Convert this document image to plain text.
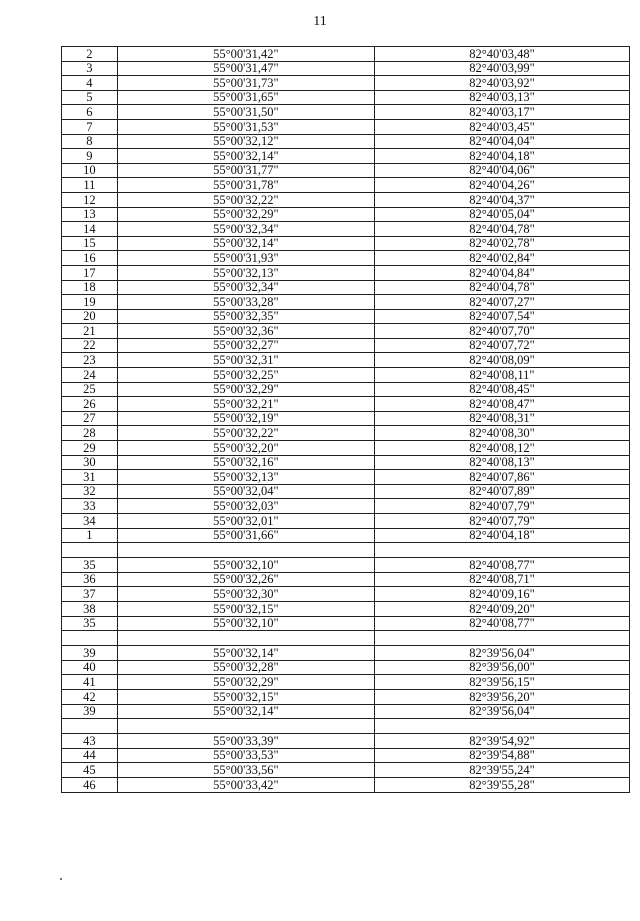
11
2	55°00'31,42"	82°40'03,48"
3	55°00'31,47"	82°40'03,99"
4	55°00'31,73"	82°40'03,92"
5	55°00'31,65"	82°40'03,13"
6	55°00'31,50"	82°40'03,17"
7	55°00'31,53"	82°40'03,45"
8	55°00'32,12"	82°40'04,04"
9	55°00'32,14"	82°40'04,18"
10	55°00'31,77"	82°40'04,06"
11	55°00'31,78"	82°40'04,26"
12	55°00'32,22"	82°40'04,37"
13	55°00'32,29"	82°40'05,04"
14	55°00'32,34"	82°40'04,78"
15	55°00'32,14"	82°40'02,78"
16	55°00'31,93"	82°40'02,84"
17	55°00'32,13"	82°40'04,84"
18	55°00'32,34"	82°40'04,78"
19	55°00'33,28"	82°40'07,27"
20	55°00'32,35"	82°40'07,54"
21	55°00'32,36"	82°40'07,70"
22	55°00'32,27"	82°40'07,72"
23	55°00'32,31"	82°40'08,09"
24	55°00'32,25"	82°40'08,11"
25	55°00'32,29"	82°40'08,45"
26	55°00'32,21"	82°40'08,47"
27	55°00'32,19"	82°40'08,31"
28	55°00'32,22"	82°40'08,30"
29	55°00'32,20"	82°40'08,12"
30	55°00'32,16"	82°40'08,13"
31	55°00'32,13"	82°40'07,86"
32	55°00'32,04"	82°40'07,89"
33	55°00'32,03"	82°40'07,79"
34	55°00'32,01"	82°40'07,79"
1	55°00'31,66"	82°40'04,18"

35	55°00'32,10"	82°40'08,77"
36	55°00'32,26"	82°40'08,71"
37	55°00'32,30"	82°40'09,16"
38	55°00'32,15"	82°40'09,20"
35	55°00'32,10"	82°40'08,77"

39	55°00'32,14"	82°39'56,04"
40	55°00'32,28"	82°39'56,00"
41	55°00'32,29"	82°39'56,15"
42	55°00'32,15"	82°39'56,20"
39	55°00'32,14"	82°39'56,04"

43	55°00'33,39"	82°39'54,92"
44	55°00'33,53"	82°39'54,88"
45	55°00'33,56"	82°39'55,24"
46	55°00'33,42"	82°39'55,28"
